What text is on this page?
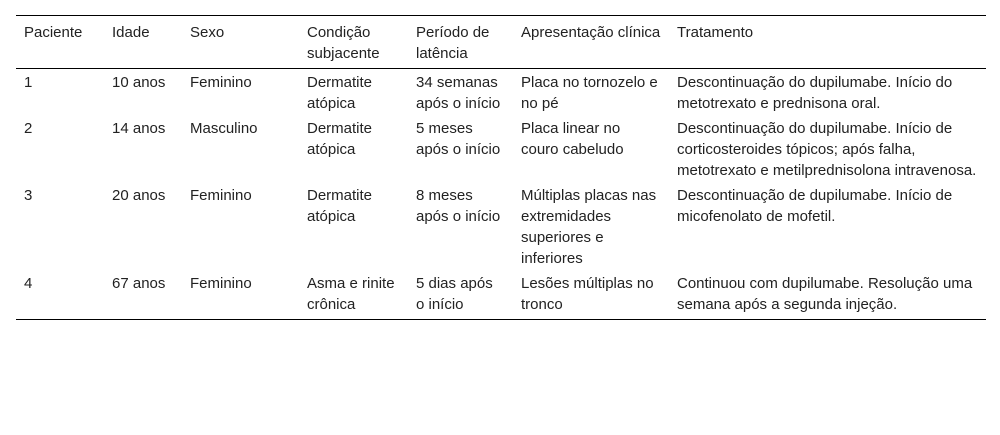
Paciente	Idade	Sexo	Condição subjacente	Período de latência	Apresentação clínica	Tratamento
1	10 anos	Feminino	Dermatite atópica	34 semanas após o início	Placa no tornozelo e no pé	Descontinuação do dupilumabe. Início do metotrexato e prednisona oral.
2	14 anos	Masculino	Dermatite atópica	5 meses após o início	Placa linear no couro cabeludo	Descontinuação do dupilumabe. Início de corticosteroides tópicos; após falha, metotrexato e metilprednisolona intravenosa.
3	20 anos	Feminino	Dermatite atópica	8 meses após o início	Múltiplas placas nas extremidades superiores e inferiores	Descontinuação de dupilumabe. Início de micofenolato de mofetil.
4	67 anos	Feminino	Asma e rinite crônica	5 dias após o início	Lesões múltiplas no tronco	Continuou com dupilumabe. Resolução uma semana após a segunda injeção.
